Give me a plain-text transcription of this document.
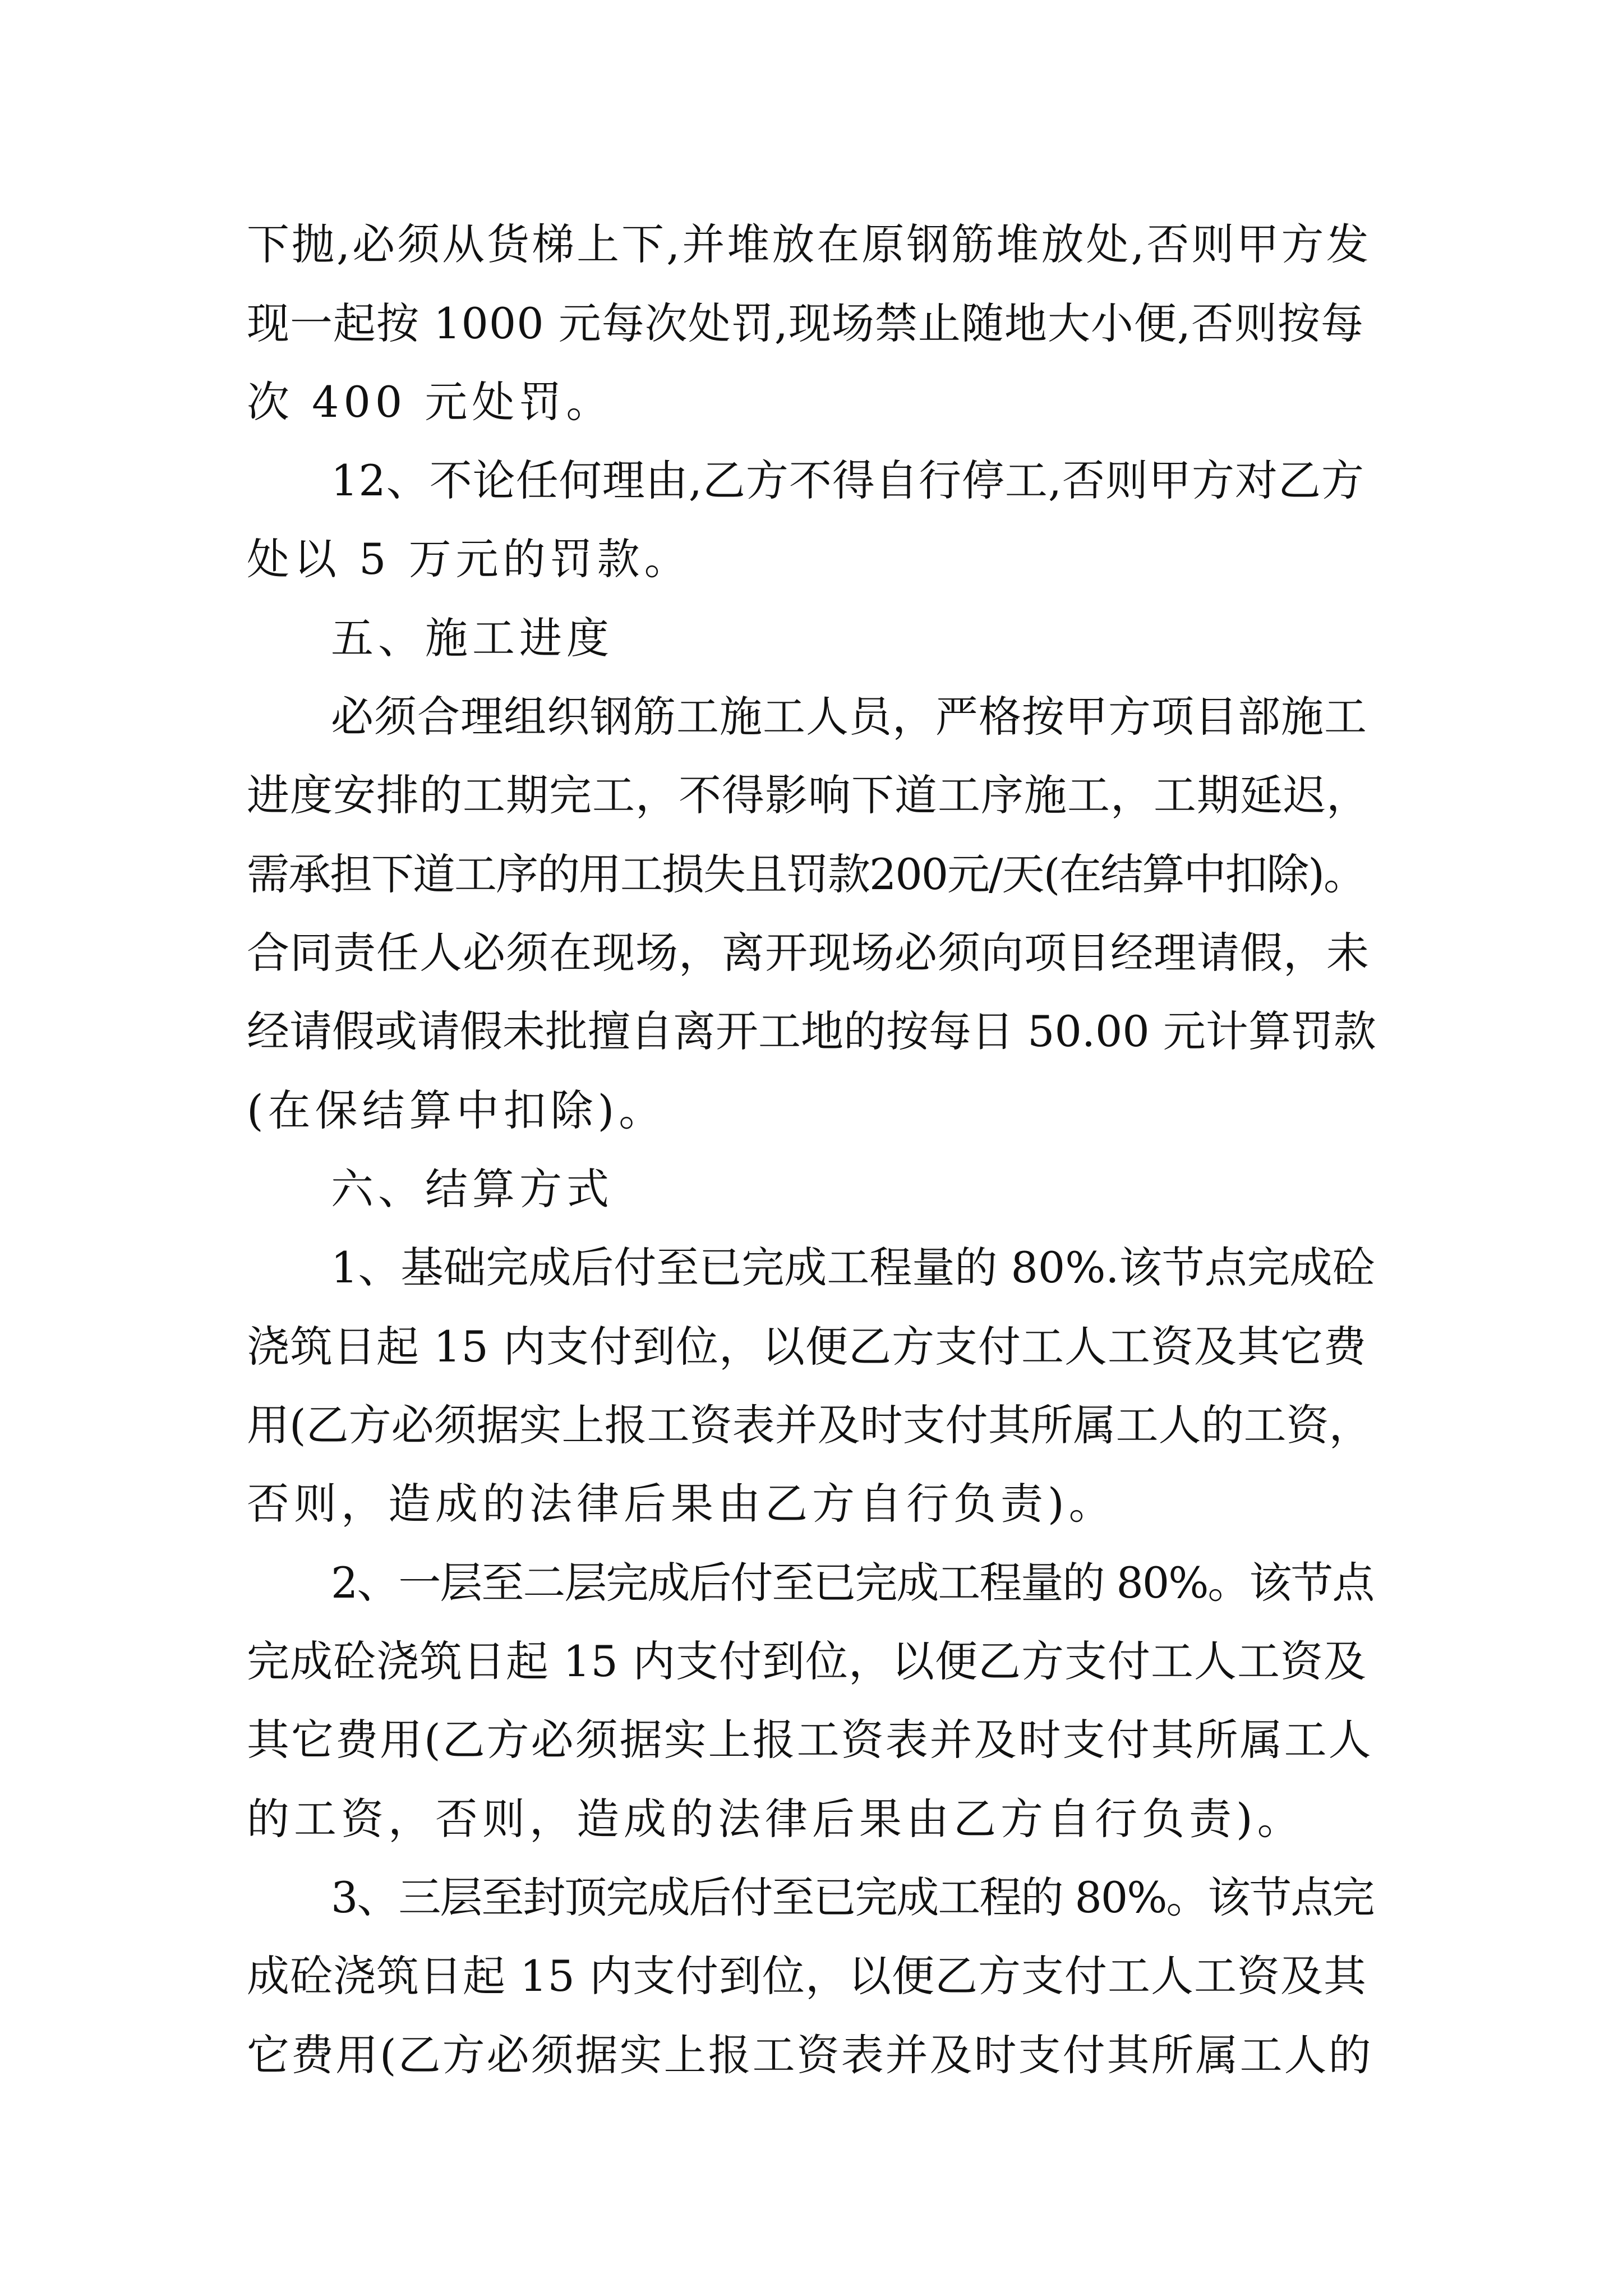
下抛,必须从货梯上下,并堆放在原钢筋堆放处,否则甲方发
现一起按 1000 元每次处罚,现场禁止随地大小便,否则按每
次 400 元处罚。
12、不论任何理由,乙方不得自行停工,否则甲方对乙方
处以 5 万元的罚款。
五、施工进度
必须合理组织钢筋工施工人员，严格按甲方项目部施工
进度安排的工期完工，不得影响下道工序施工，工期延迟，
需承担下道工序的用工损失且罚款200元/天(在结算中扣除)。
合同责任人必须在现场，离开现场必须向项目经理请假，未
经请假或请假未批擅自离开工地的按每日 50.00 元计算罚款
(在保结算中扣除)。
六、结算方式
1、基础完成后付至已完成工程量的 80%.该节点完成砼
浇筑日起 15 内支付到位，以便乙方支付工人工资及其它费
用(乙方必须据实上报工资表并及时支付其所属工人的工资，
否则，造成的法律后果由乙方自行负责)。
2、一层至二层完成后付至已完成工程量的 80%。该节点
完成砼浇筑日起 15 内支付到位，以便乙方支付工人工资及
其它费用(乙方必须据实上报工资表并及时支付其所属工人
的工资，否则，造成的法律后果由乙方自行负责)。
3、三层至封顶完成后付至已完成工程的 80%。该节点完
成砼浇筑日起 15 内支付到位，以便乙方支付工人工资及其
它费用(乙方必须据实上报工资表并及时支付其所属工人的
